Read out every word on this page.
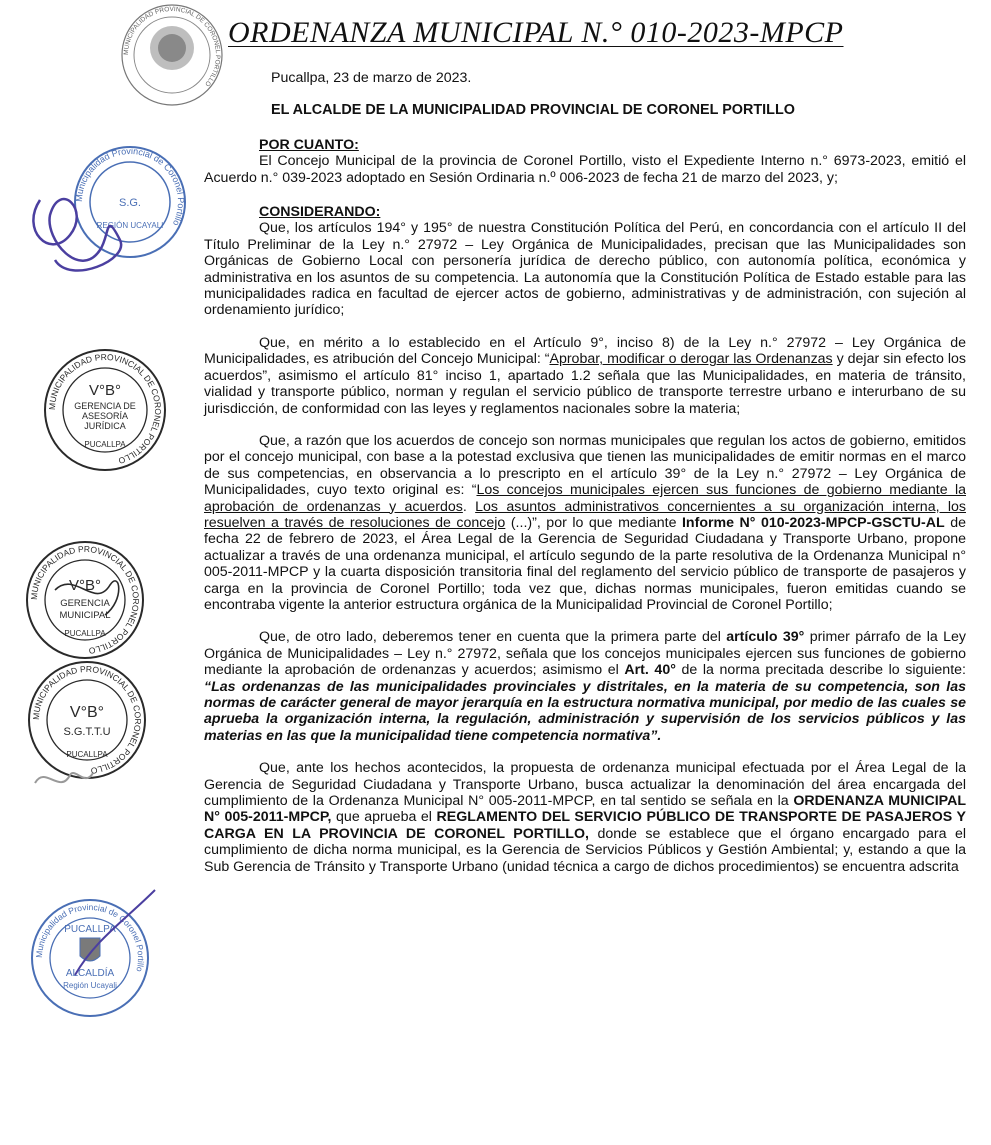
MUNICIPALIDAD PROVINCIAL DE CORONEL PORTILLO
Municipalidad Provincial de Coronel Portillo
S.G.
REGIÓN UCAYALI
MUNICIPALIDAD PROVINCIAL DE CORONEL PORTILLO
V°B°
GERENCIA DE
ASESORÍA
JURÍDICA
PUCALLPA
MUNICIPALIDAD PROVINCIAL DE CORONEL PORTILLO
V°B°
GERENCIA
MUNICIPAL
PUCALLPA
MUNICIPALIDAD PROVINCIAL DE CORONEL PORTILLO
V°B°
S.G.T.T.U
PUCALLPA
Municipalidad Provincial de Coronel Portillo
PUCALLPA
ALCALDÍA
Región Ucayali
ORDENANZA MUNICIPAL N.° 010-2023-MPCP

Pucallpa, 23 de marzo de 2023.

EL ALCALDE DE LA MUNICIPALIDAD PROVINCIAL DE CORONEL PORTILLO

POR CUANTO:

El Concejo Municipal de la provincia de Coronel Portillo, visto el Expediente Interno n.° 6973-2023, emitió el Acuerdo n.° 039-2023 adoptado en Sesión Ordinaria n.º 006-2023 de fecha 21 de marzo del 2023, y;

CONSIDERANDO:

Que, los artículos 194° y 195° de nuestra Constitución Política del Perú, en concordancia con el artículo II del Título Preliminar de la Ley n.° 27972 – Ley Orgánica de Municipalidades, precisan que las Municipalidades son Orgánicas de Gobierno Local con personería jurídica de derecho público, con autonomía política, económica y administrativa en los asuntos de su competencia. La autonomía que la Constitución Política de Estado estable para las municipalidades radica en facultad de ejercer actos de gobierno, administrativas y de administración, con sujeción al ordenamiento jurídico;

Que, en mérito a lo establecido en el Artículo 9°, inciso 8) de la Ley n.° 27972 – Ley Orgánica de Municipalidades, es atribución del Concejo Municipal: “Aprobar, modificar o derogar las Ordenanzas y dejar sin efecto los acuerdos”, asimismo el artículo 81° inciso 1, apartado 1.2 señala que las Municipalidades, en materia de tránsito, vialidad y transporte público, norman y regulan el servicio público de transporte terrestre urbano e interurbano de su jurisdicción, de conformidad con las leyes y reglamentos nacionales sobre la materia;

Que, a razón que los acuerdos de concejo son normas municipales que regulan los actos de gobierno, emitidos por el concejo municipal, con base a la potestad exclusiva que tienen las municipalidades de emitir normas en el marco de sus competencias, en observancia a lo prescripto en el artículo 39° de la Ley n.° 27972 – Ley Orgánica de Municipalidades, cuyo texto original es: “Los concejos municipales ejercen sus funciones de gobierno mediante la aprobación de ordenanzas y acuerdos. Los asuntos administrativos concernientes a su organización interna, los resuelven a través de resoluciones de concejo (...)”, por lo que mediante Informe N° 010-2023-MPCP-GSCTU-AL de fecha 22 de febrero de 2023, el Área Legal de la Gerencia de Seguridad Ciudadana y Transporte Urbano, propone actualizar a través de una ordenanza municipal, el artículo segundo de la parte resolutiva de la Ordenanza Municipal n° 005-2011-MPCP y la cuarta disposición transitoria final del reglamento del servicio público de transporte de pasajeros y carga en la provincia de Coronel Portillo; toda vez que, dichas normas municipales, fueron emitidas cuando se encontraba vigente la anterior estructura orgánica de la Municipalidad Provincial de Coronel Portillo;

Que, de otro lado, deberemos tener en cuenta que la primera parte del artículo 39° primer párrafo de la Ley Orgánica de Municipalidades – Ley n.° 27972, señala que los concejos municipales ejercen sus funciones de gobierno mediante la aprobación de ordenanzas y acuerdos; asimismo el Art. 40° de la norma precitada describe lo siguiente: “Las ordenanzas de las municipalidades provinciales y distritales, en la materia de su competencia, son las normas de carácter general de mayor jerarquía en la estructura normativa municipal, por medio de las cuales se aprueba la organización interna, la regulación, administración y supervisión de los servicios públicos y las materias en las que la municipalidad tiene competencia normativa”.

Que, ante los hechos acontecidos, la propuesta de ordenanza municipal efectuada por el Área Legal de la Gerencia de Seguridad Ciudadana y Transporte Urbano, busca actualizar la denominación del área encargada del cumplimiento de la Ordenanza Municipal N° 005-2011-MPCP, en tal sentido se señala en la ORDENANZA MUNICIPAL N° 005-2011-MPCP, que aprueba el REGLAMENTO DEL SERVICIO PÚBLICO DE TRANSPORTE DE PASAJEROS Y CARGA EN LA PROVINCIA DE CORONEL PORTILLO, donde se establece que el órgano encargado para el cumplimiento de dicha norma municipal, es la Gerencia de Servicios Públicos y Gestión Ambiental; y, estando a que la Sub Gerencia de Tránsito y Transporte Urbano (unidad técnica a cargo de dichos procedimientos) se encuentra adscrita
